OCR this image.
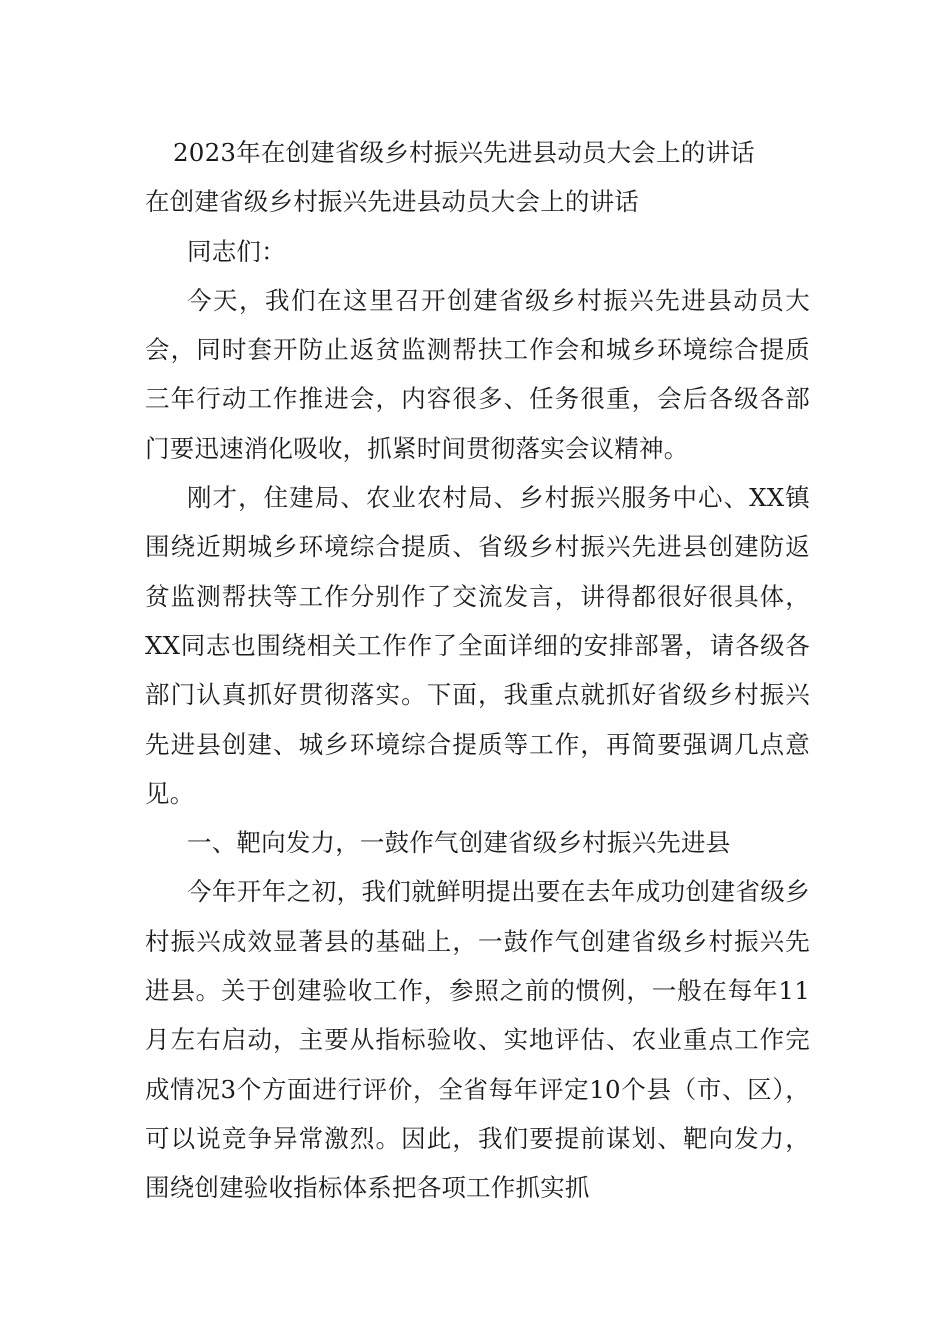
2023年在创建省级乡村振兴先进县动员大会上的讲话

在创建省级乡村振兴先进县动员大会上的讲话

同志们：

今天，我们在这里召开创建省级乡村振兴先进县动员大会，同时套开防止返贫监测帮扶工作会和城乡环境综合提质三年行动工作推进会，内容很多、任务很重，会后各级各部门要迅速消化吸收，抓紧时间贯彻落实会议精神。

刚才，住建局、农业农村局、乡村振兴服务中心、XX镇围绕近期城乡环境综合提质、省级乡村振兴先进县创建防返贫监测帮扶等工作分别作了交流发言，讲得都很好很具体，XX同志也围绕相关工作作了全面详细的安排部署，请各级各部门认真抓好贯彻落实。下面，我重点就抓好省级乡村振兴先进县创建、城乡环境综合提质等工作，再简要强调几点意见。

一、靶向发力，一鼓作气创建省级乡村振兴先进县

今年开年之初，我们就鲜明提出要在去年成功创建省级乡村振兴成效显著县的基础上，一鼓作气创建省级乡村振兴先进县。关于创建验收工作，参照之前的惯例，一般在每年11月左右启动，主要从指标验收、实地评估、农业重点工作完成情况3个方面进行评价，全省每年评定10个县（市、区），可以说竞争异常激烈。因此，我们要提前谋划、靶向发力，围绕创建验收指标体系把各项工作抓实抓
